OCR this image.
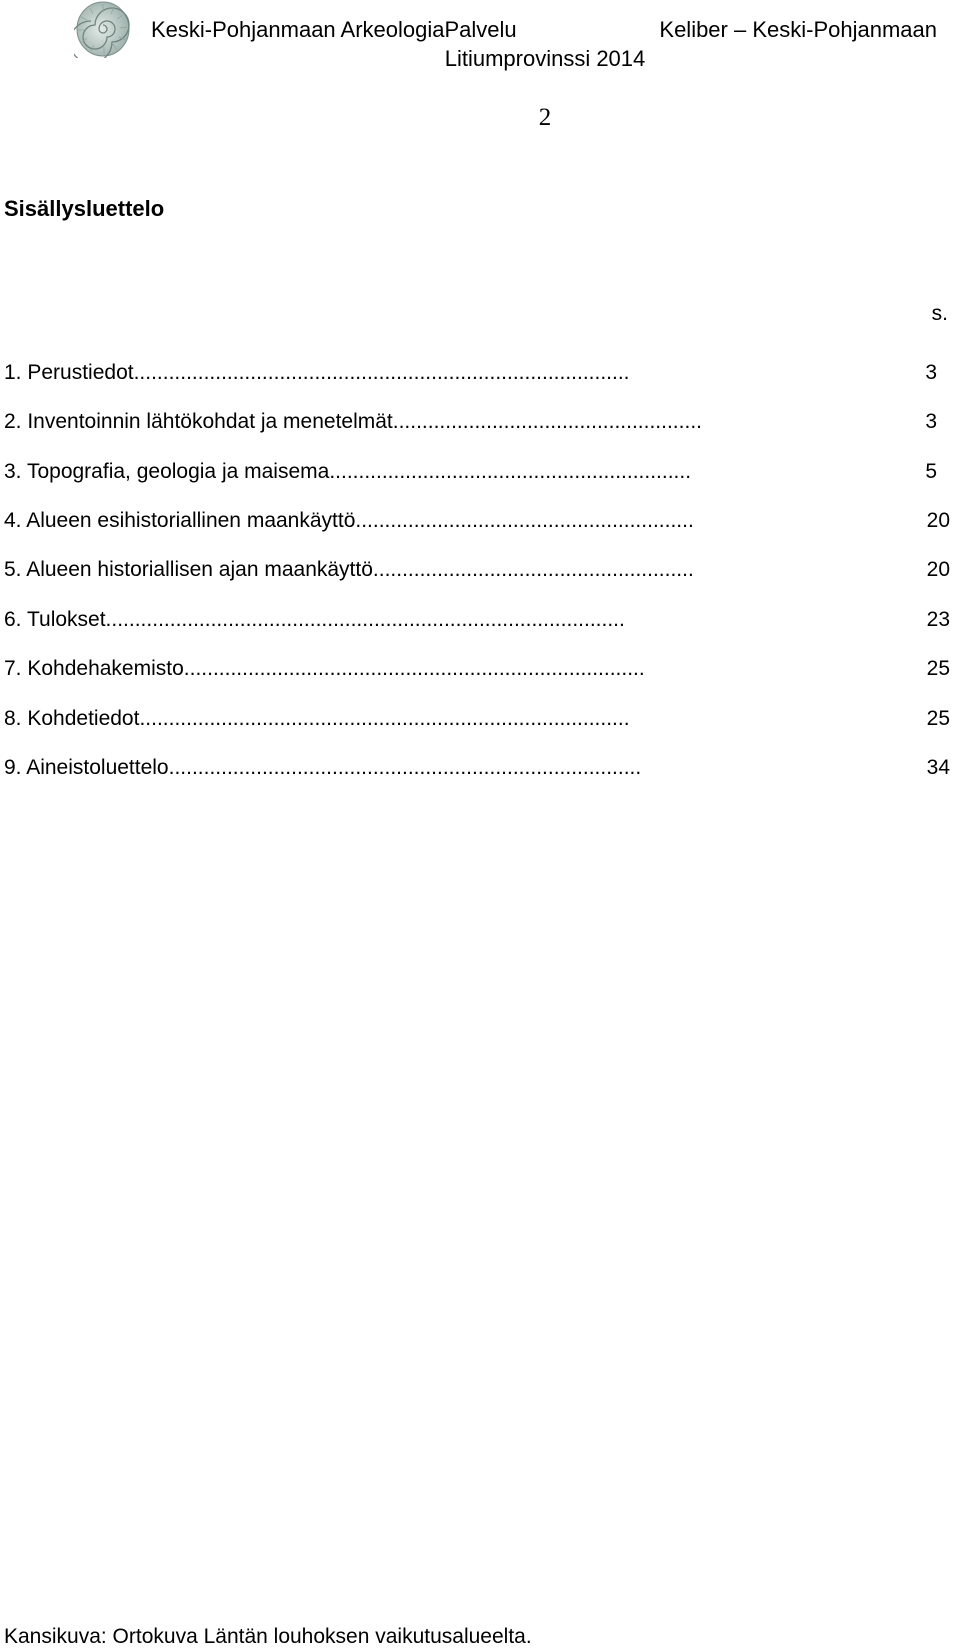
Keski-Pohjanmaan ArkeologiaPalvelu	Keliber – Keski-Pohjanmaan
Litiumprovinssi 2014
2
Sisällysluettelo
s.
1. Perustiedot.....................................................................................	3
2. Inventoinnin lähtökohdat ja menetelmät.....................................................	3
3. Topografia, geologia ja maisema..............................................................	5
4. Alueen esihistoriallinen maankäyttö..........................................................	20
5. Alueen historiallisen ajan maankäyttö.......................................................	20
6. Tulokset.........................................................................................	23
7. Kohdehakemisto...............................................................................	25
8. Kohdetiedot....................................................................................	25
9. Aineistoluettelo.................................................................................	34
Kansikuva: Ortokuva Läntän louhoksen vaikutusalueelta.
